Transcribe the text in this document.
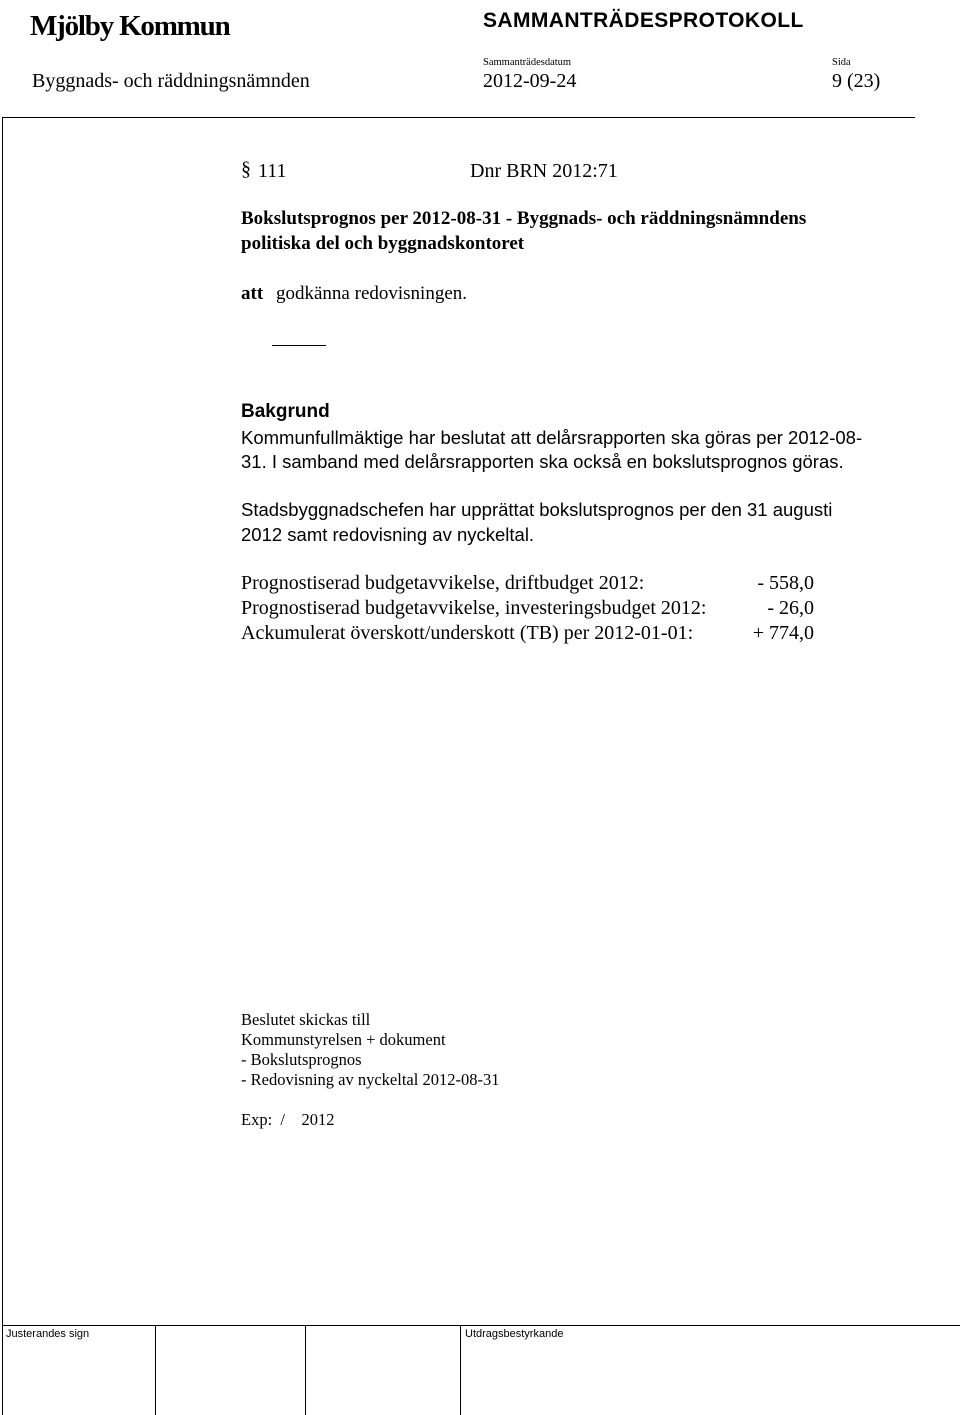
Mjölby Kommun	SAMMANTRÄDESPROTOKOLL
Sammanträdesdatum	Sida
Byggnads- och räddningsnämnden	2012-09-24	9 (23)
§ 111	Dnr BRN 2012:71
Bokslutsprognos per 2012-08-31 - Byggnads- och räddningsnämndens
politiska del och byggnadskontoret
att godkänna redovisningen.
Bakgrund
Kommunfullmäktige har beslutat att delårsrapporten ska göras per 2012-08-
31. I samband med delårsrapporten ska också en bokslutsprognos göras.
Stadsbyggnadschefen har upprättat bokslutsprognos per den 31 augusti
2012 samt redovisning av nyckeltal.
Prognostiserad budgetavvikelse, driftbudget 2012:	- 558,0
Prognostiserad budgetavvikelse, investeringsbudget 2012:	- 26,0
Ackumulerat överskott/underskott (TB) per 2012-01-01:	+ 774,0
Beslutet skickas till
Kommunstyrelsen + dokument
- Bokslutsprognos
- Redovisning av nyckeltal 2012-08-31
Exp:  /    2012
Justerandes sign	Utdragsbestyrkande
